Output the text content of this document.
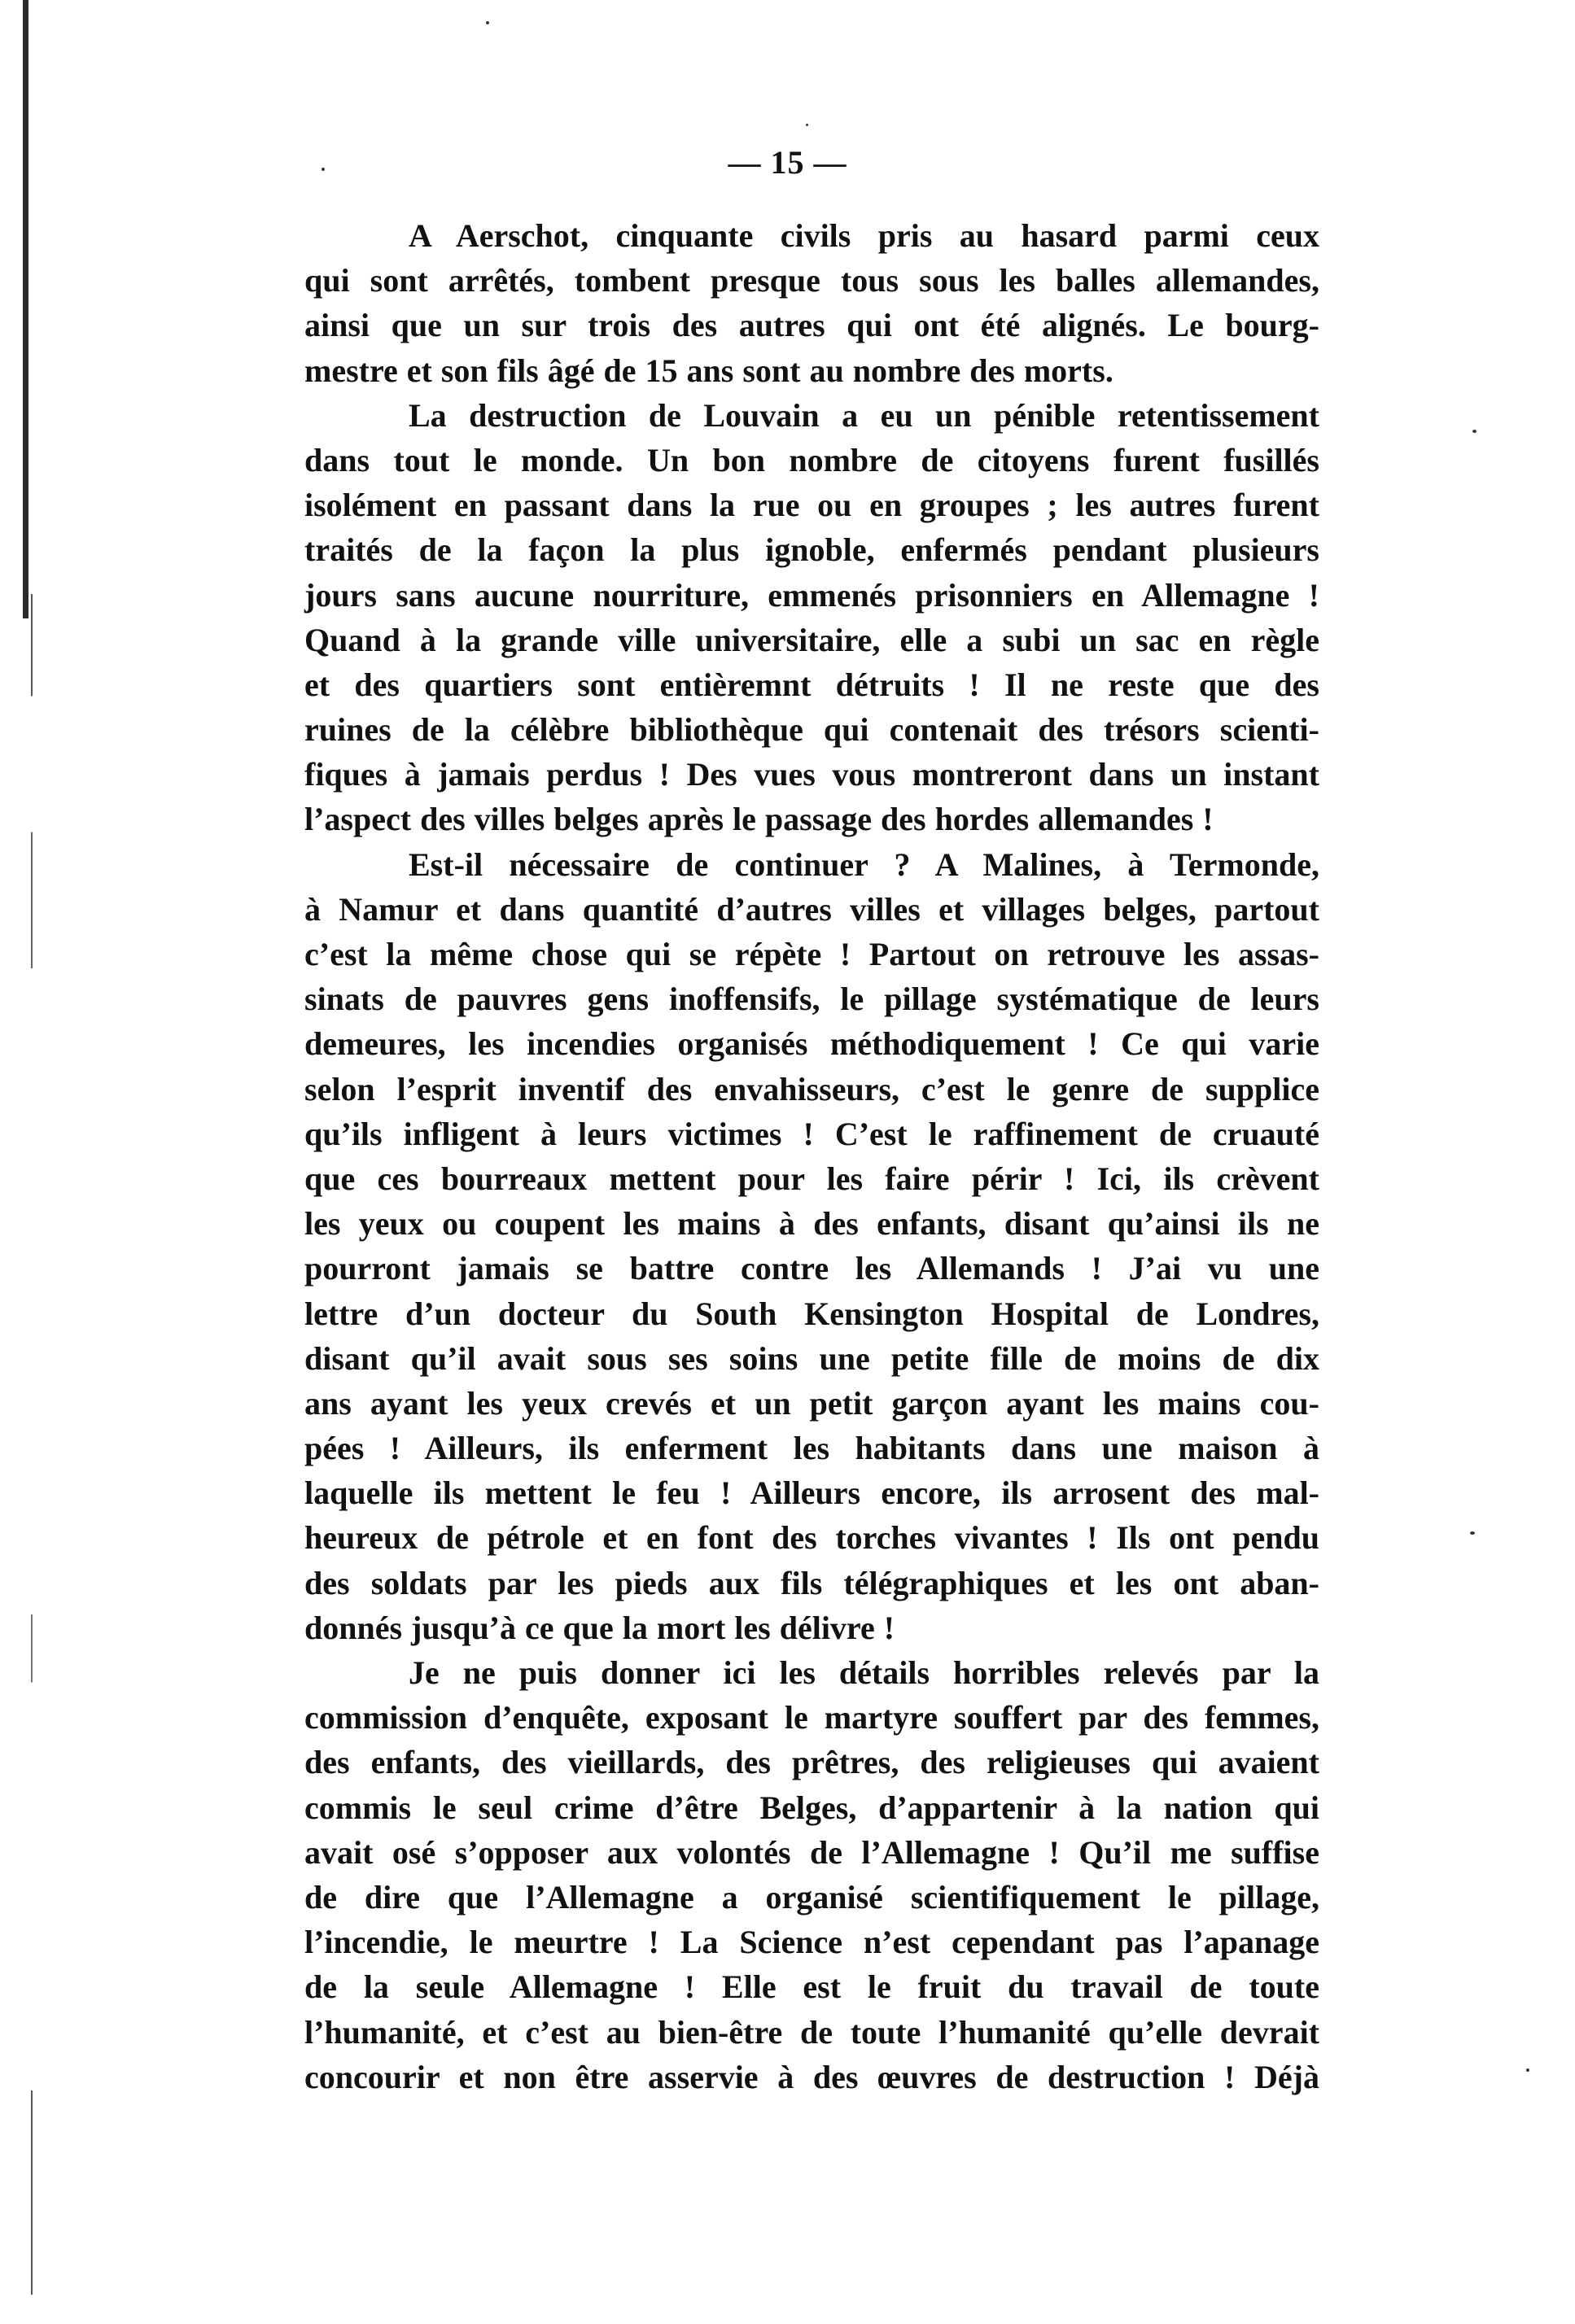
— 15 —
A Aerschot, cinquante civils pris au hasard parmi ceux
qui sont arrêtés, tombent presque tous sous les balles allemandes,
ainsi que un sur trois des autres qui ont été alignés. Le bourg-
mestre et son fils âgé de 15 ans sont au nombre des morts.
La destruction de Louvain a eu un pénible retentissement
dans tout le monde. Un bon nombre de citoyens furent fusillés
isolément en passant dans la rue ou en groupes ; les autres furent
traités de la façon la plus ignoble, enfermés pendant plusieurs
jours sans aucune nourriture, emmenés prisonniers en Allemagne !
Quand à la grande ville universitaire, elle a subi un sac en règle
et des quartiers sont entièremnt détruits ! Il ne reste que des
ruines de la célèbre bibliothèque qui contenait des trésors scienti-
fiques à jamais perdus ! Des vues vous montreront dans un instant
l’aspect des villes belges après le passage des hordes allemandes !
Est-il nécessaire de continuer ? A Malines, à Termonde,
à Namur et dans quantité d’autres villes et villages belges, partout
c’est la même chose qui se répète ! Partout on retrouve les assas-
sinats de pauvres gens inoffensifs, le pillage systématique de leurs
demeures, les incendies organisés méthodiquement ! Ce qui varie
selon l’esprit inventif des envahisseurs, c’est le genre de supplice
qu’ils infligent à leurs victimes ! C’est le raffinement de cruauté
que ces bourreaux mettent pour les faire périr ! Ici, ils crèvent
les yeux ou coupent les mains à des enfants, disant qu’ainsi ils ne
pourront jamais se battre contre les Allemands ! J’ai vu une
lettre d’un docteur du South Kensington Hospital de Londres,
disant qu’il avait sous ses soins une petite fille de moins de dix
ans ayant les yeux crevés et un petit garçon ayant les mains cou-
pées ! Ailleurs, ils enferment les habitants dans une maison à
laquelle ils mettent le feu ! Ailleurs encore, ils arrosent des mal-
heureux de pétrole et en font des torches vivantes ! Ils ont pendu
des soldats par les pieds aux fils télégraphiques et les ont aban-
donnés jusqu’à ce que la mort les délivre !
Je ne puis donner ici les détails horribles relevés par la
commission d’enquête, exposant le martyre souffert par des femmes,
des enfants, des vieillards, des prêtres, des religieuses qui avaient
commis le seul crime d’être Belges, d’appartenir à la nation qui
avait osé s’opposer aux volontés de l’Allemagne ! Qu’il me suffise
de dire que l’Allemagne a organisé scientifiquement le pillage,
l’incendie, le meurtre ! La Science n’est cependant pas l’apanage
de la seule Allemagne ! Elle est le fruit du travail de toute
l’humanité, et c’est au bien-être de toute l’humanité qu’elle devrait
concourir et non être asservie à des œuvres de destruction ! Déjà
